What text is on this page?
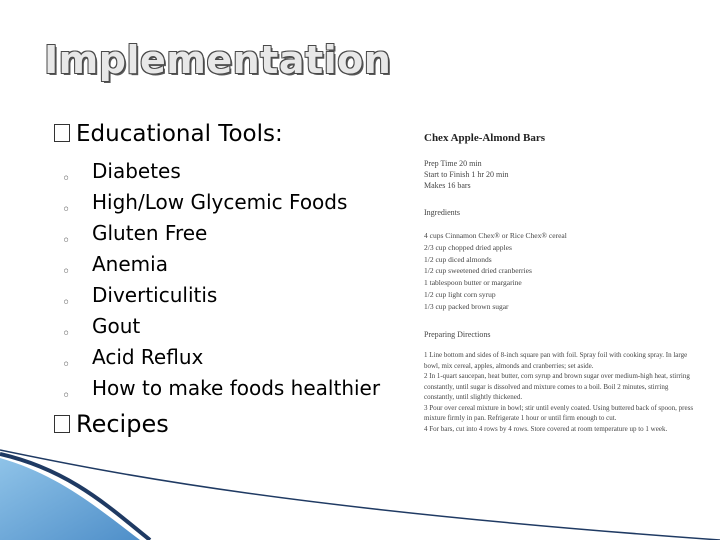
Implementation
Educational Tools:
◦ Diabetes
◦ High/Low Glycemic Foods
◦ Gluten Free
◦ Anemia
◦ Diverticulitis
◦ Gout
◦ Acid Reflux
◦ How to make foods healthier
Recipes
Chex Apple-Almond Bars
Prep Time 20 min
Start to Finish 1 hr 20 min
Makes 16 bars
Ingredients
4 cups Cinnamon Chex® or Rice Chex® cereal
2/3 cup chopped dried apples
1/2 cup diced almonds
1/2 cup sweetened dried cranberries
1 tablespoon butter or margarine
1/2 cup light corn syrup
1/3 cup packed brown sugar
Preparing Directions
1 Line bottom and sides of 8-inch square pan with foil. Spray foil with cooking spray. In large bowl, mix cereal, apples, almonds and cranberries; set aside.
2 In 1-quart saucepan, heat butter, corn syrup and brown sugar over medium-high heat, stirring constantly, until sugar is dissolved and mixture comes to a boil. Boil 2 minutes, stirring constantly, until slightly thickened.
3 Pour over cereal mixture in bowl; stir until evenly coated. Using buttered back of spoon, press mixture firmly in pan. Refrigerate 1 hour or until firm enough to cut.
4 For bars, cut into 4 rows by 4 rows. Store covered at room temperature up to 1 week.
